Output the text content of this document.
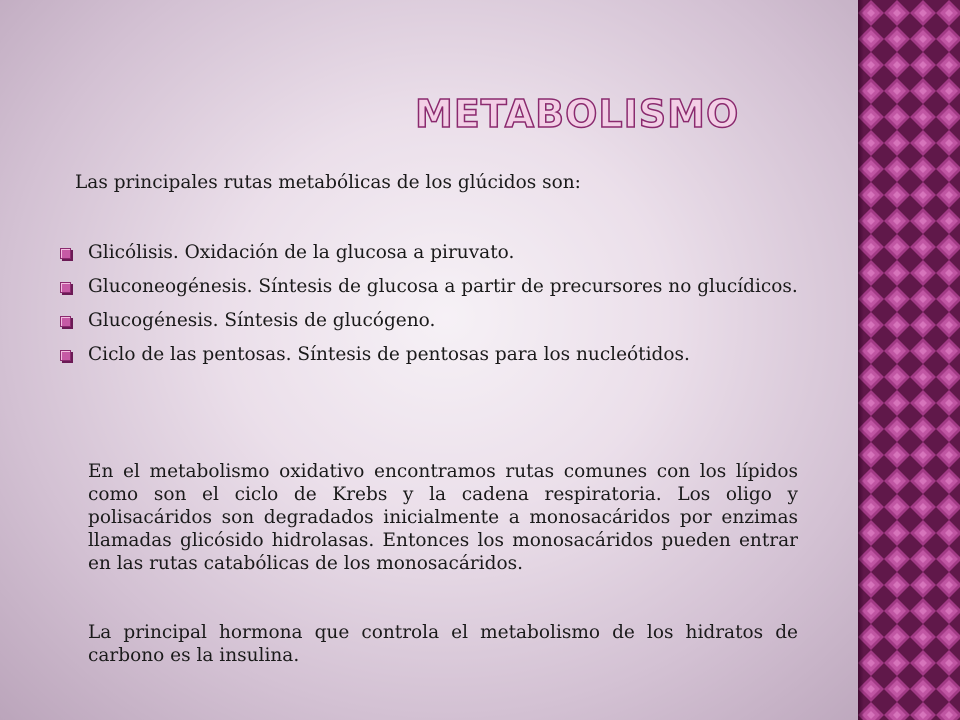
METABOLISMO

Las principales rutas metabólicas de los glúcidos son:

Glicólisis. Oxidación de la glucosa a piruvato.
Gluconeogénesis. Síntesis de glucosa a partir de precursores no glucídicos.
Glucogénesis. Síntesis de glucógeno.
Ciclo de las pentosas. Síntesis de pentosas para los nucleótidos.

En el metabolismo oxidativo encontramos rutas comunes con los lípidos como son el ciclo de Krebs y la cadena respiratoria. Los oligo y polisacáridos son degradados inicialmente a monosacáridos por enzimas llamadas glicósido hidrolasas. Entonces los monosacáridos pueden entrar en las rutas catabólicas de los monosacáridos.

La principal hormona que controla el metabolismo de los hidratos de carbono es la insulina.
